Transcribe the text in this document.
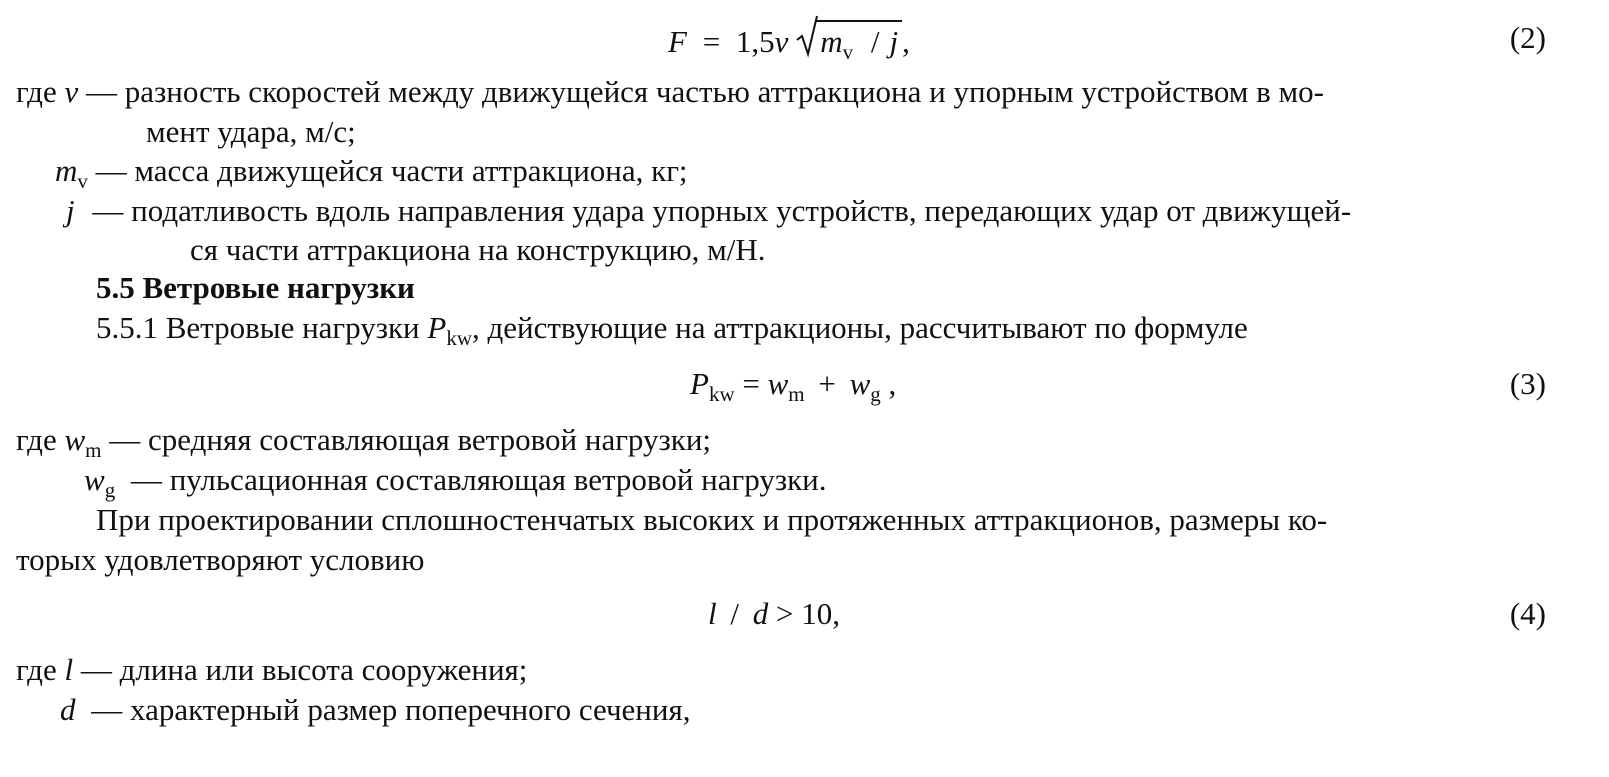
F = 1,5v $m_v$ / j ,	(2)
где v — разность скоростей между движущейся частью аттракциона и упорным устройством в мо-
мент удара, м/с;
$m_v$ — масса движущейся части аттракциона, кг;
j — податливость вдоль направления удара упорных устройств, передающих удар от движущей-
ся части аттракциона на конструкцию, м/Н.
5.5 Ветровые нагрузки
5.5.1 Ветровые нагрузки $P_{kw}$, действующие на аттракционы, рассчитывают по формуле
$P_{kw} = w_m + w_g$ ,	(3)
где $w_m$ — средняя составляющая ветровой нагрузки;
$w_g$ — пульсационная составляющая ветровой нагрузки.
При проектировании сплошностенчатых высоких и протяженных аттракционов, размеры ко-
торых удовлетворяют условию
l / d > 10,	(4)
где l — длина или высота сооружения;
d — характерный размер поперечного сечения,
